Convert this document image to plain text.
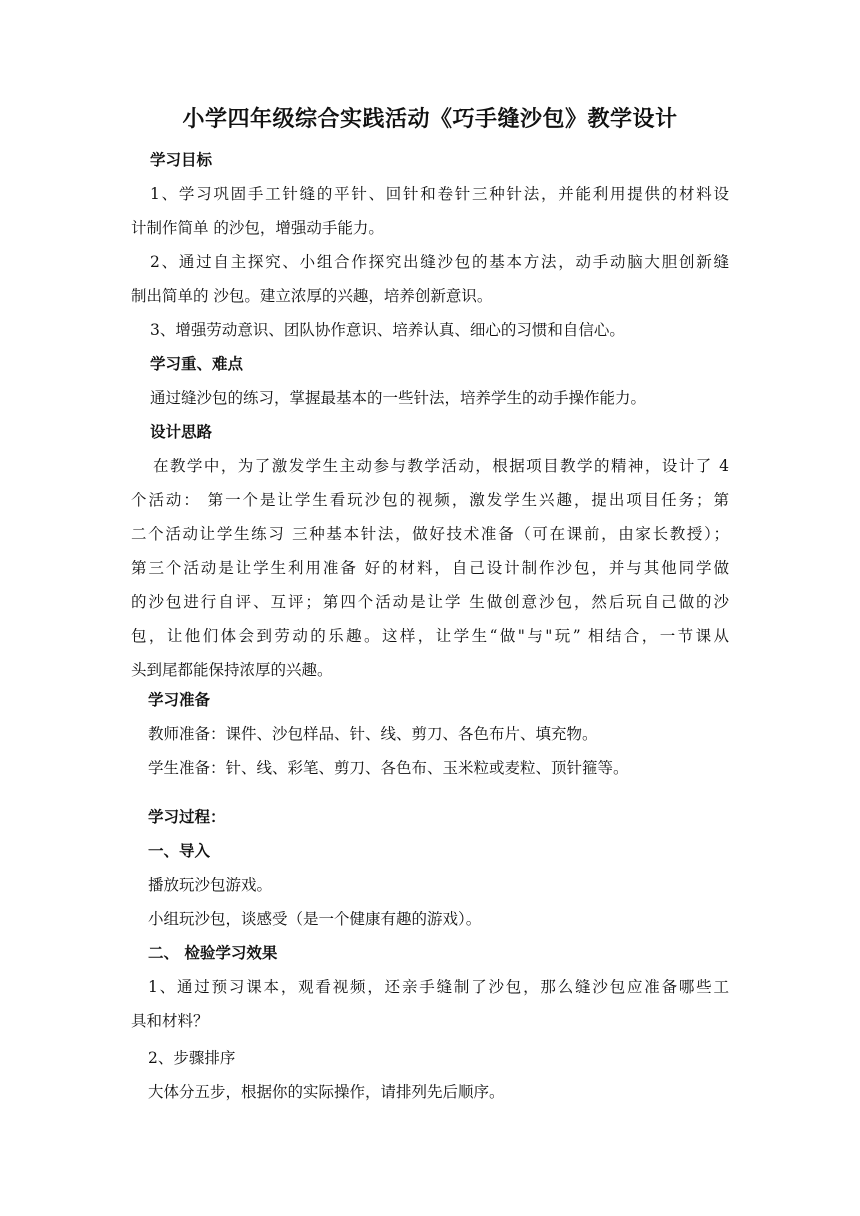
小学四年级综合实践活动《巧手缝沙包》教学设计
学习目标
1、学习巩固手工针缝的平针、回针和卷针三种针法，并能利用提供的材料设
计制作简单 的沙包，增强动手能力。
2、通过自主探究、小组合作探究出缝沙包的基本方法，动手动脑大胆创新缝
制出简单的 沙包。建立浓厚的兴趣，培养创新意识。
3、增强劳动意识、团队协作意识、培养认真、细心的习惯和自信心。
学习重、难点
通过缝沙包的练习，掌握最基本的一些针法，培养学生的动手操作能力。
设计思路
在教学中，为了激发学生主动参与教学活动，根据项目教学的精神，设计了 4
个活动： 第一个是让学生看玩沙包的视频，激发学生兴趣，提出项目任务；第
二个活动让学生练习 三种基本针法，做好技术准备（可在课前，由家长教授）；
第三个活动是让学生利用准备 好的材料，自己设计制作沙包，并与其他同学做
的沙包进行自评、互评；第四个活动是让学 生做创意沙包，然后玩自己做的沙
包，让他们体会到劳动的乐趣。这样，让学生“做"与"玩” 相结合，一节课从
头到尾都能保持浓厚的兴趣。
学习准备
教师准备：课件、沙包样品、针、线、剪刀、各色布片、填充物。
学生准备：针、线、彩笔、剪刀、各色布、玉米粒或麦粒、顶针箍等。
学习过程：
一、导入
播放玩沙包游戏。
小组玩沙包，谈感受（是一个健康有趣的游戏）。
二、 检验学习效果
1、通过预习课本，观看视频，还亲手缝制了沙包，那么缝沙包应准备哪些工
具和材料？
2、步骤排序
大体分五步，根据你的实际操作，请排列先后顺序。
